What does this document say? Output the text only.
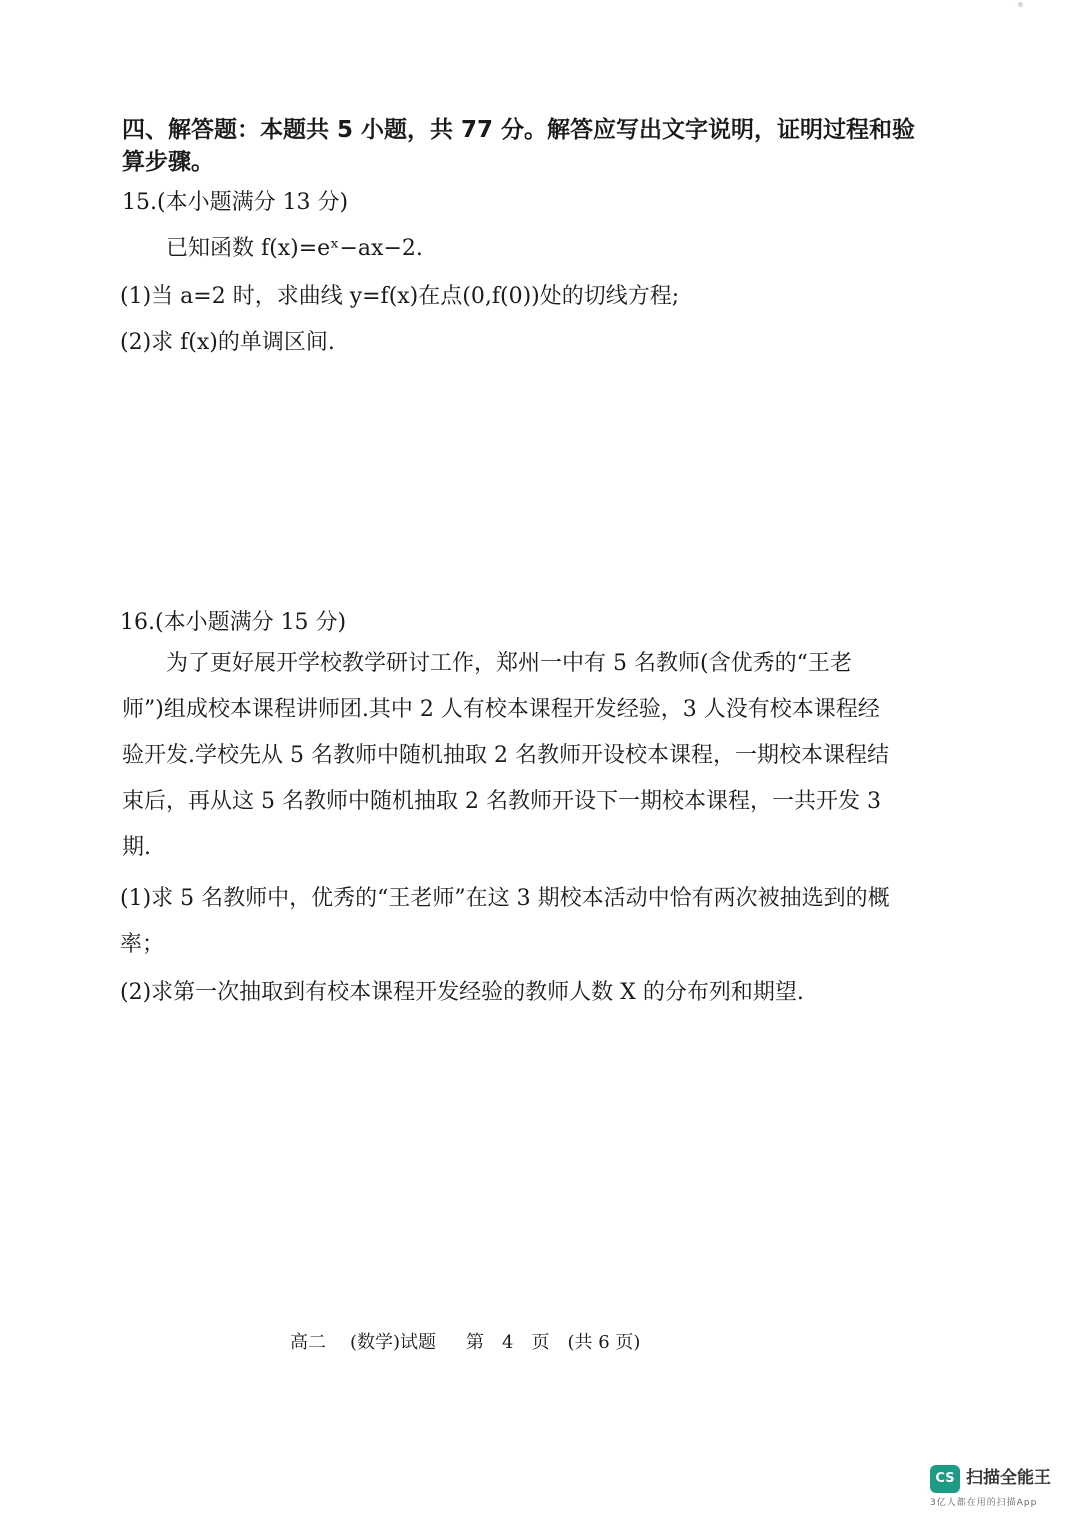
四、解答题：本题共 5 小题，共 77 分。解答应写出文字说明，证明过程和验算步骤。
15.(本小题满分 13 分)
已知函数 f(x)=eˣ−ax−2.
(1)当 a=2 时，求曲线 y=f(x)在点(0,f(0))处的切线方程;
(2)求 f(x)的单调区间.
16.(本小题满分 15 分)
为了更好展开学校教学研讨工作，郑州一中有 5 名教师(含优秀的“王老师”)组成校本课程讲师团.其中 2 人有校本课程开发经验，3 人没有校本课程经验开发.学校先从 5 名教师中随机抽取 2 名教师开设校本课程，一期校本课程结束后，再从这 5 名教师中随机抽取 2 名教师开设下一期校本课程，一共开发 3 期.
(1)求 5 名教师中，优秀的“王老师”在这 3 期校本活动中恰有两次被抽选到的概率；
(2)求第一次抽取到有校本课程开发经验的教师人数 X 的分布列和期望.
高二 (数学)试题 第　4　页　(共 6 页)
CS 扫描全能王
3亿人都在用的扫描App
